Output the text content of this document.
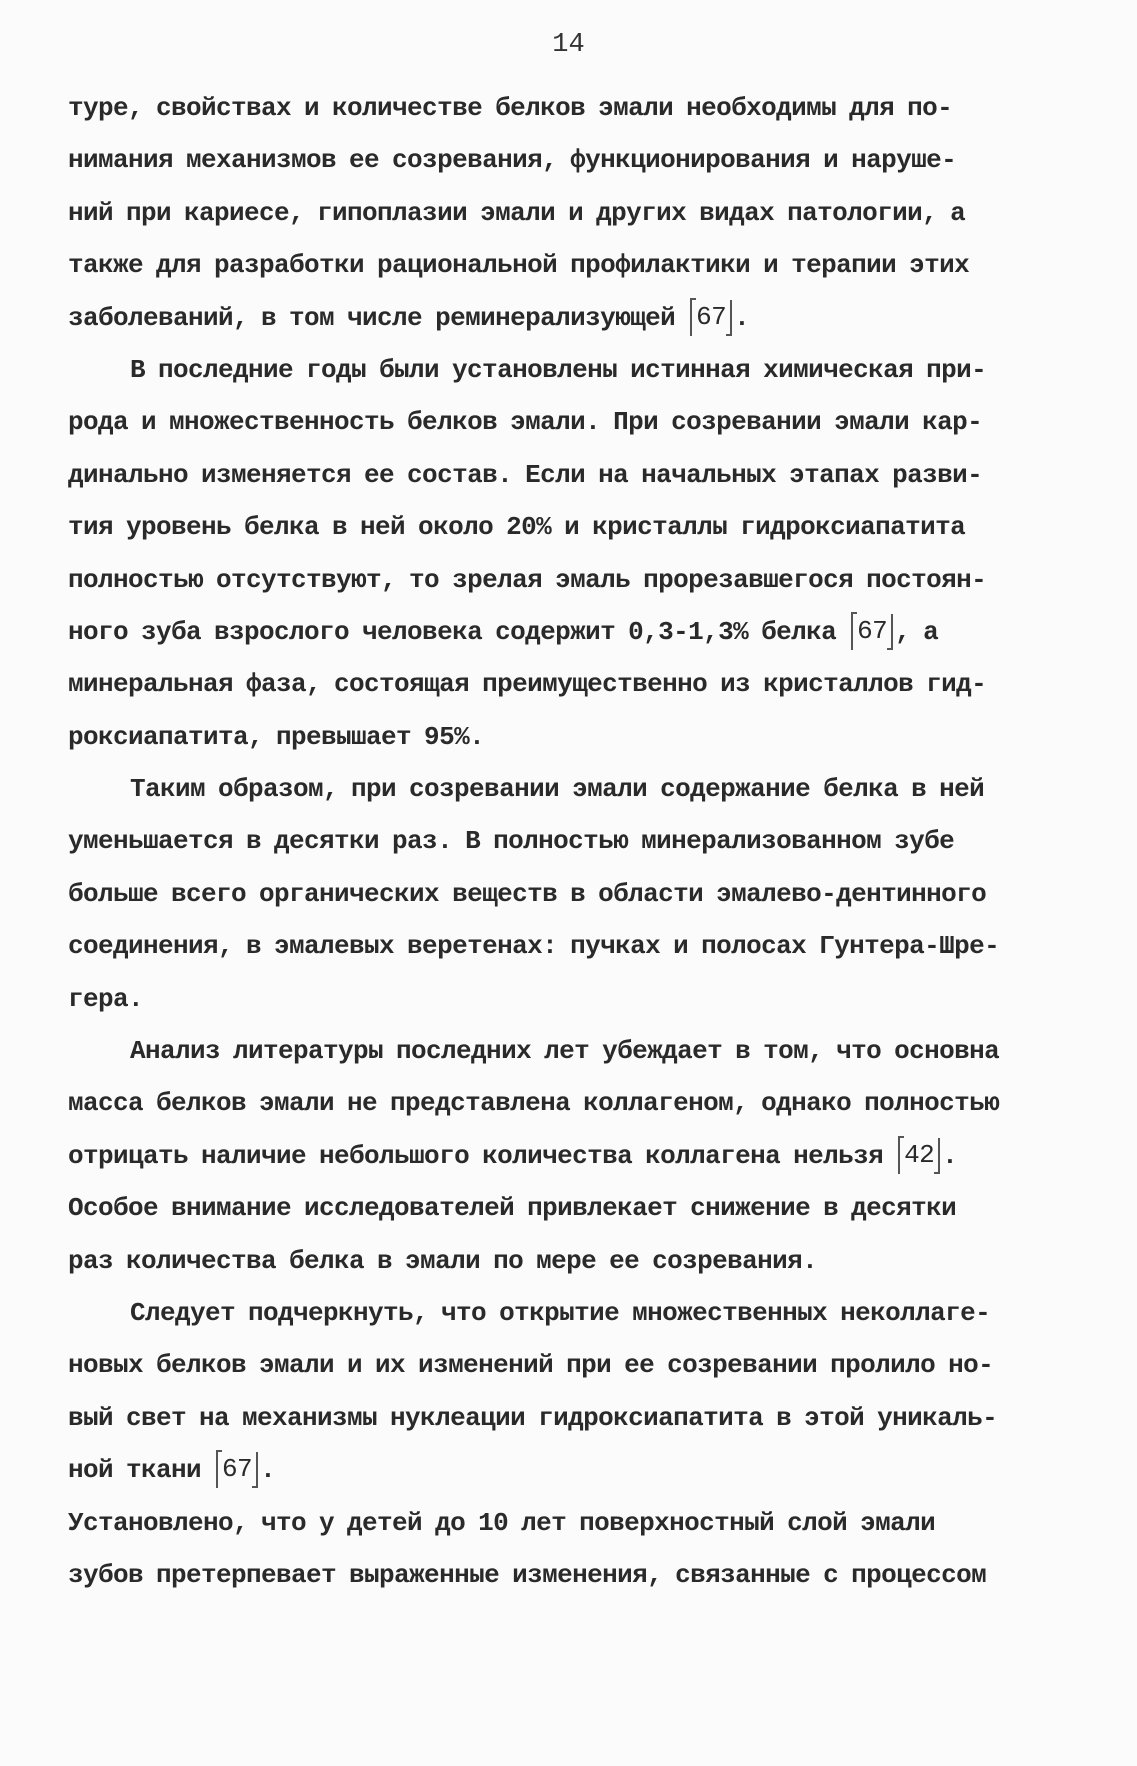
14
туре, свойствах и количестве белков эмали необходимы для по-
нимания механизмов ее созревания, функционирования и наруше-
ний при кариесе, гипоплазии эмали и других видах патологии, а
также для разработки рациональной профилактики и терапии этих
заболеваний, в том числе реминерализующей 67 .
В последние годы были установлены истинная химическая при-
рода и множественность белков эмали. При созревании эмали кар-
динально изменяется ее состав. Если на начальных этапах разви-
тия уровень белка в ней около 20% и кристаллы гидроксиапатита
полностью отсутствуют, то зрелая эмаль прорезавшегося постоян-
ного зуба взрослого человека содержит 0,3-1,3% белка 67 , а
минеральная фаза, состоящая преимущественно из кристаллов гид-
роксиапатита, превышает 95%.
Таким образом, при созревании эмали содержание белка в ней
уменьшается в десятки раз. В полностью минерализованном зубе
больше всего органических веществ в области эмалево-дентинного
соединения, в эмалевых веретенах: пучках и полосах Гунтера-Шре-
гера.
Анализ литературы последних лет убеждает в том, что основна
масса белков эмали не представлена коллагеном, однако полностью
отрицать наличие небольшого количества коллагена нельзя 42 .
Особое внимание исследователей привлекает снижение в десятки
раз количества белка в эмали по мере ее созревания.
Следует подчеркнуть, что открытие множественных неколлаге-
новых белков эмали и их изменений при ее созревании пролило но-
вый свет на механизмы нуклеации гидроксиапатита в этой уникаль-
ной ткани 67 .
Установлено, что у детей до 10 лет поверхностный слой эмали
зубов претерпевает выраженные изменения, связанные с процессом
